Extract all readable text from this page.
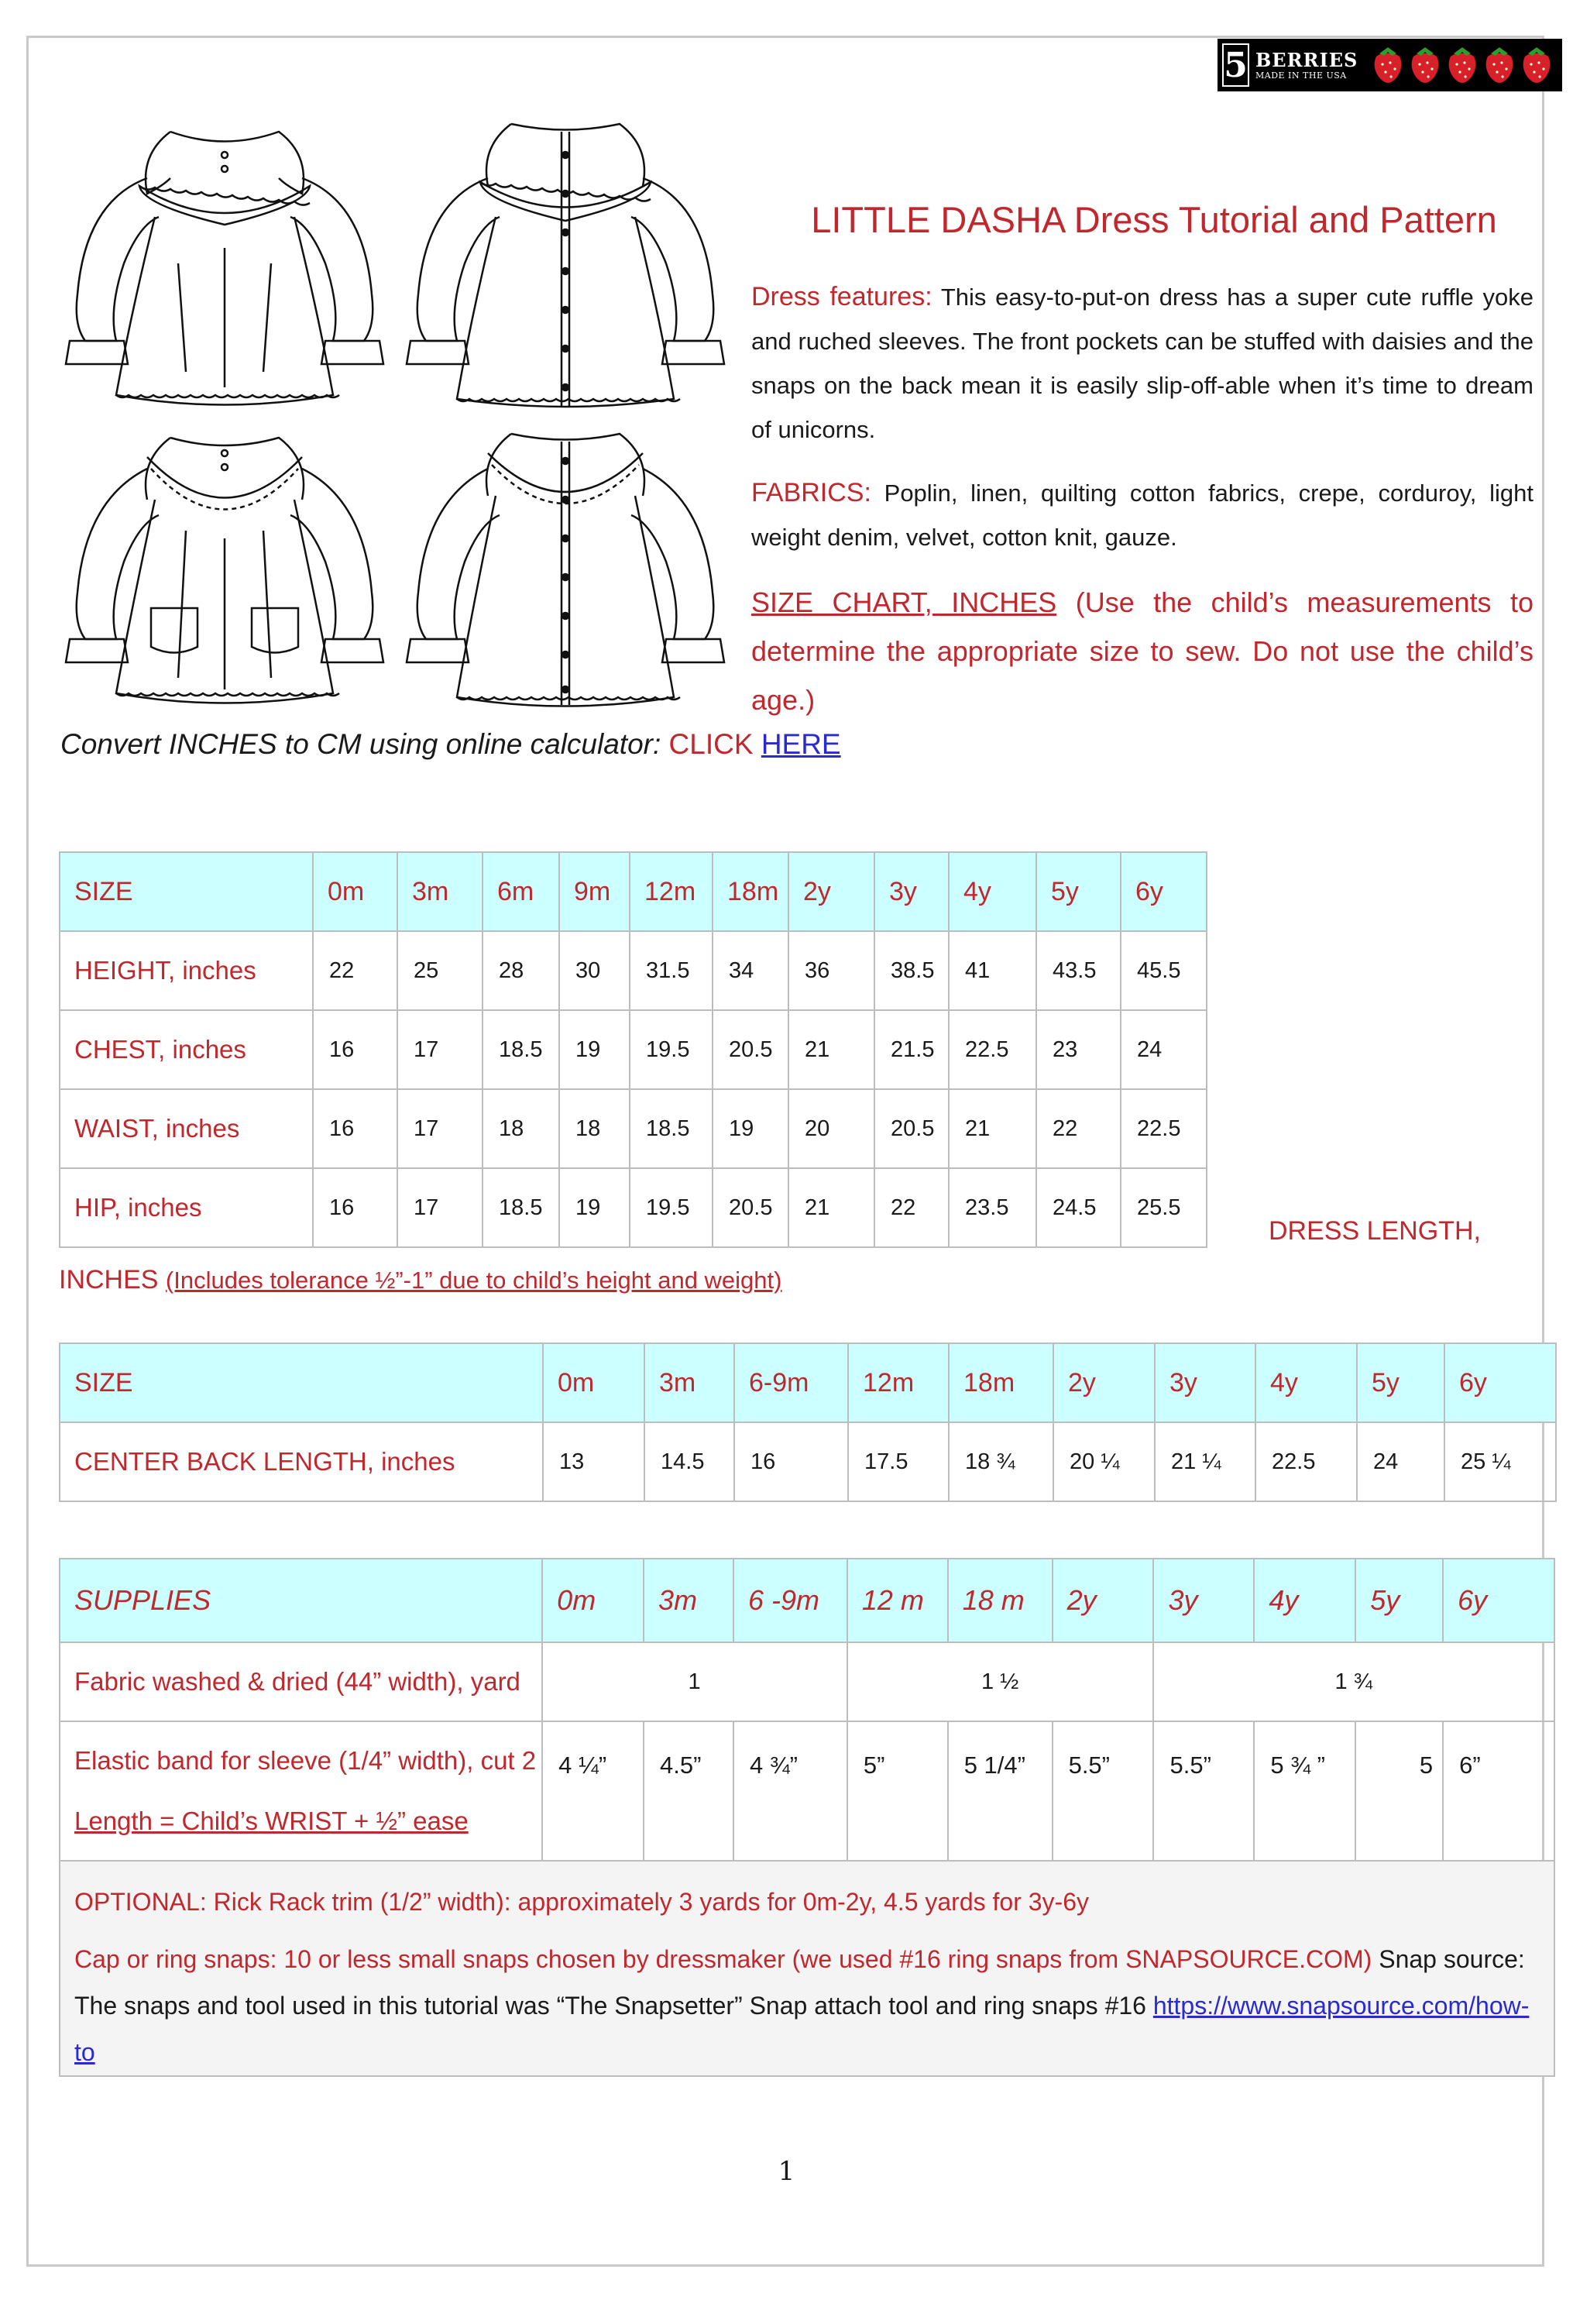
5 BERRIES
MADE IN THE USA
LITTLE DASHA Dress Tutorial and Pattern
Dress features: This easy-to-put-on dress has a super cute ruffle yoke and ruched sleeves. The front pockets can be stuffed with daisies and the snaps on the back mean it is easily slip-off-able when it’s time to dream of unicorns.
FABRICS: Poplin, linen, quilting cotton fabrics, crepe, corduroy, light weight denim, velvet, cotton knit, gauze.
SIZE CHART, INCHES (Use the child’s measurements to determine the appropriate size to sew. Do not use the child’s age.)
Convert INCHES to CM using online calculator: CLICK HERE
SIZE	0m	3m	6m	9m	12m	18m	2y	3y	4y	5y	6y
HEIGHT, inches	22	25	28	30	31.5	34	36	38.5	41	43.5	45.5
CHEST, inches	16	17	18.5	19	19.5	20.5	21	21.5	22.5	23	24
WAIST, inches	16	17	18	18	18.5	19	20	20.5	21	22	22.5
HIP, inches	16	17	18.5	19	19.5	20.5	21	22	23.5	24.5	25.5
DRESS LENGTH,
INCHES (Includes tolerance ½”-1” due to child’s height and weight)
SIZE	0m	3m	6-9m	12m	18m	2y	3y	4y	5y	6y
CENTER BACK LENGTH, inches	13	14.5	16	17.5	18 ¾	20 ¼	21 ¼	22.5	24	25 ¼
SUPPLIES	0m	3m	6 -9m	12 m	18 m	2y	3y	4y	5y	6y
Fabric washed & dried (44” width), yard	1			1 ½			1 ¾			

Elastic band for sleeve (1/4” width), cut 2
Length = Child’s WRIST + ½” ease	4 ¼”	4.5”	4 ¾”	5”	5 1/4”	5.5”	5.5”	5 ¾ ”	5	6”

OPTIONAL: Rick Rack trim (1/2” width): approximately 3 yards for 0m-2y, 4.5 yards for 3y-6y
Cap or ring snaps: 10 or less small snaps chosen by dressmaker (we used #16 ring snaps from SNAPSOURCE.COM) Snap source: The snaps and tool used in this tutorial was “The Snapsetter” Snap attach tool and ring snaps #16 https://www.snapsource.com/how-to										
1
